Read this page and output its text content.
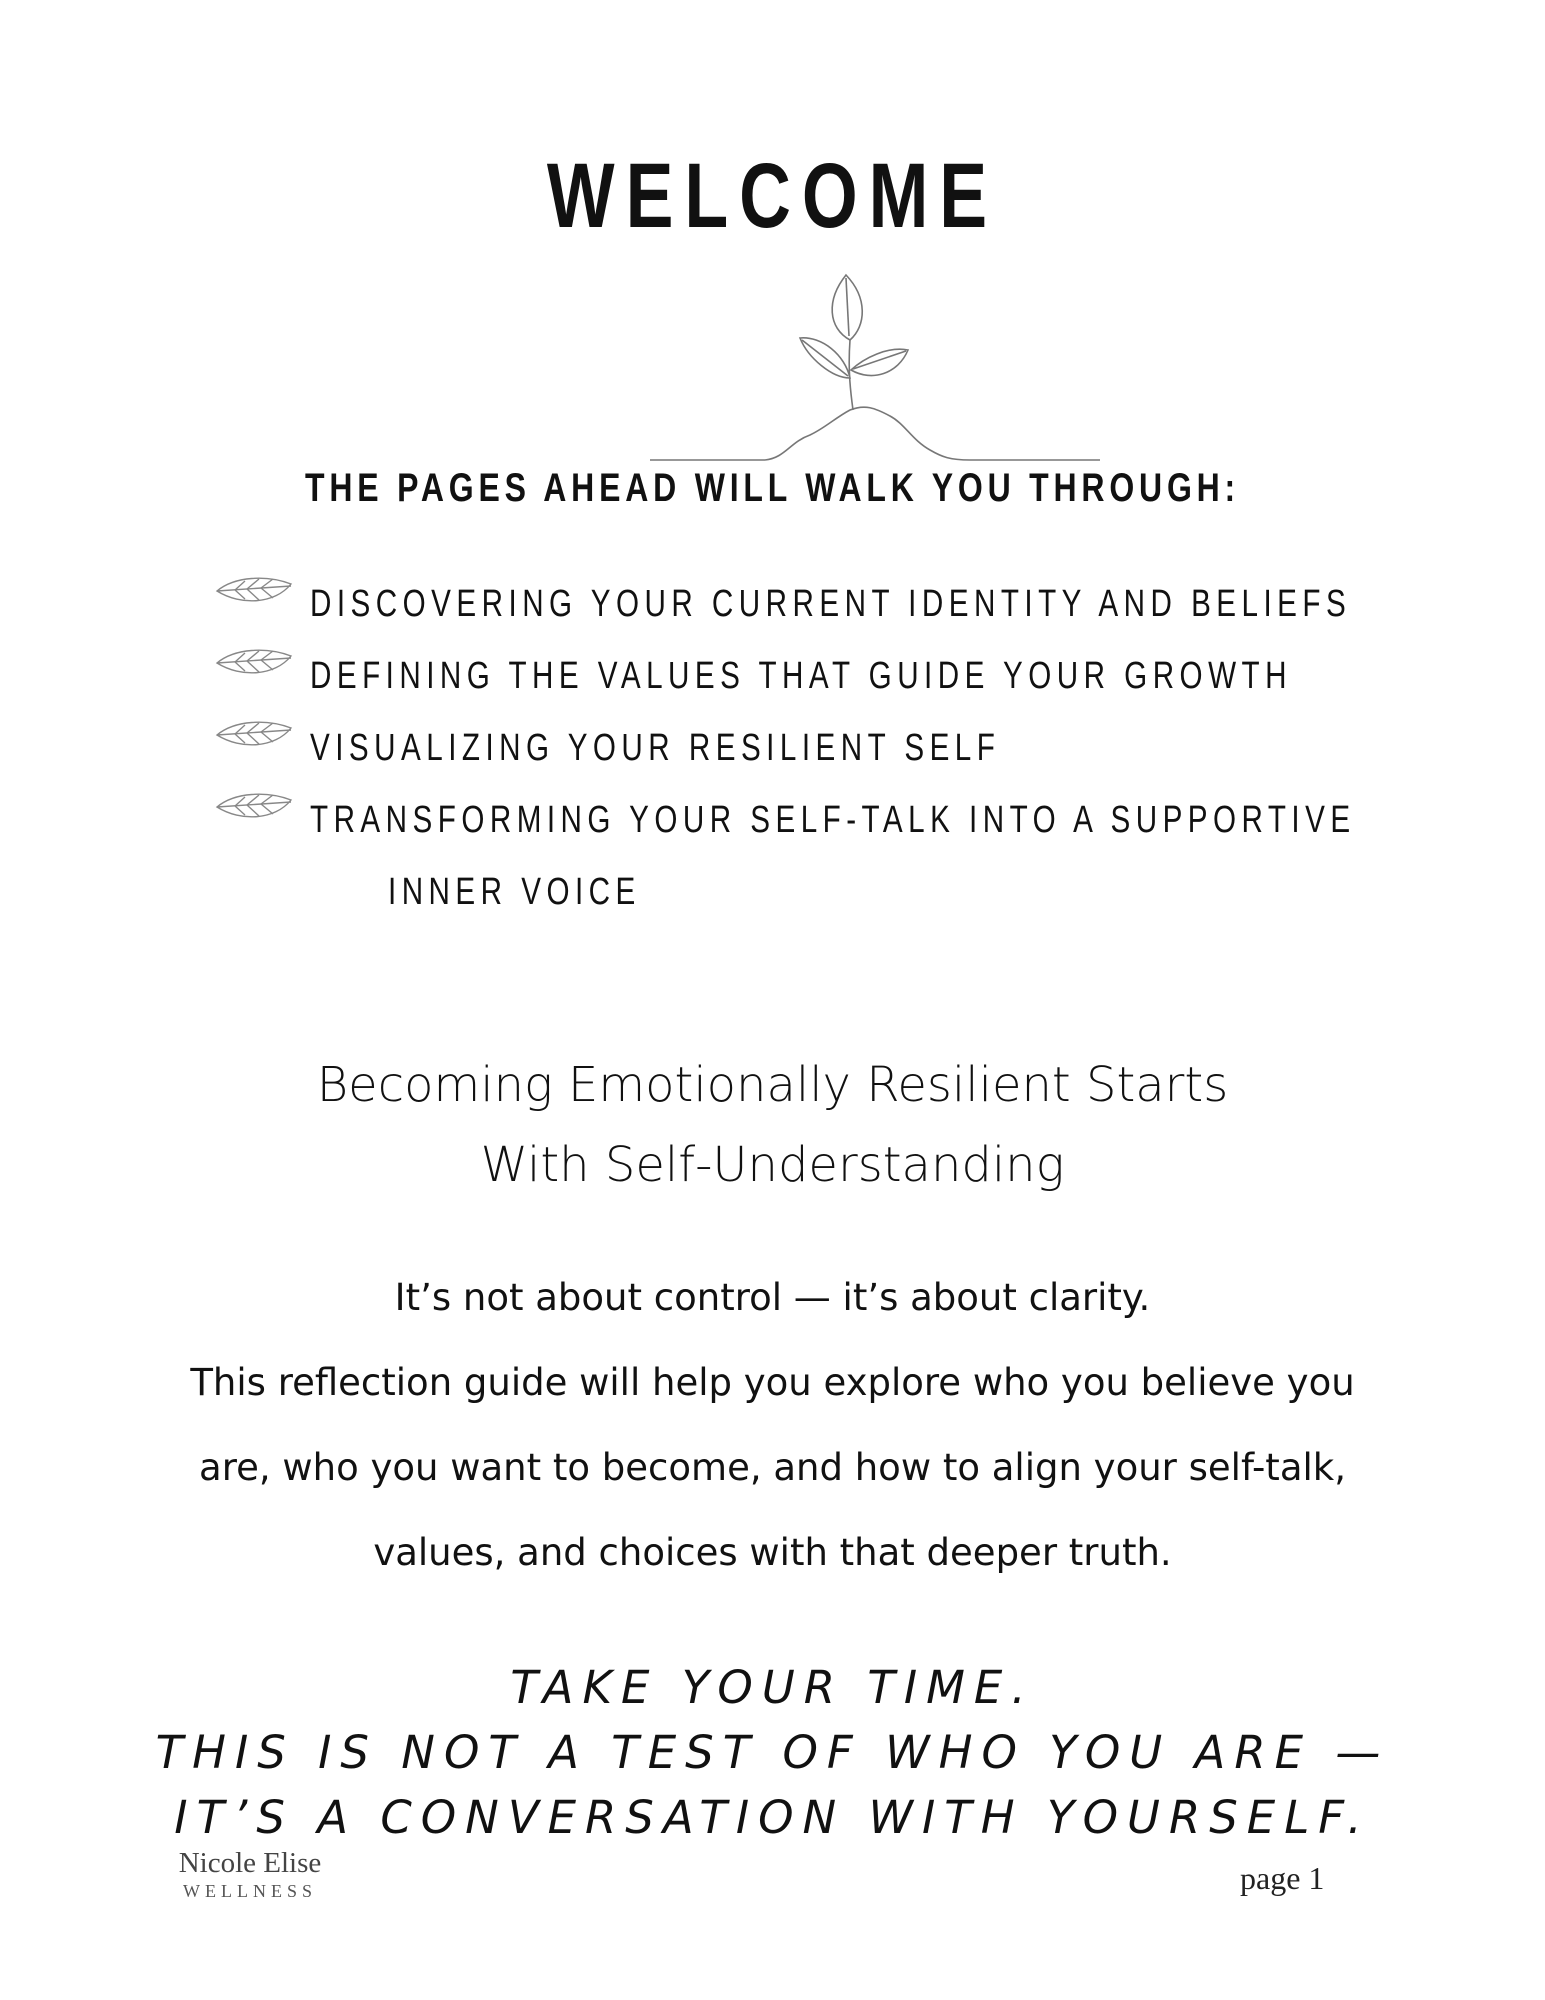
WELCOME
THE PAGES AHEAD WILL WALK YOU THROUGH:
DISCOVERING YOUR CURRENT IDENTITY AND BELIEFS
DEFINING THE VALUES THAT GUIDE YOUR GROWTH
VISUALIZING YOUR RESILIENT SELF
TRANSFORMING YOUR SELF-TALK INTO A SUPPORTIVE
INNER VOICE
Becoming Emotionally Resilient Starts
With Self-Understanding
It’s not about control — it’s about clarity.
This reflection guide will help you explore who you believe you
are, who you want to become, and how to align your self-talk,
values, and choices with that deeper truth.
TAKE YOUR TIME.
THIS IS NOT A TEST OF WHO YOU ARE —
IT’S A CONVERSATION WITH YOURSELF.
Nicole Elise
WELLNESS	page 1
